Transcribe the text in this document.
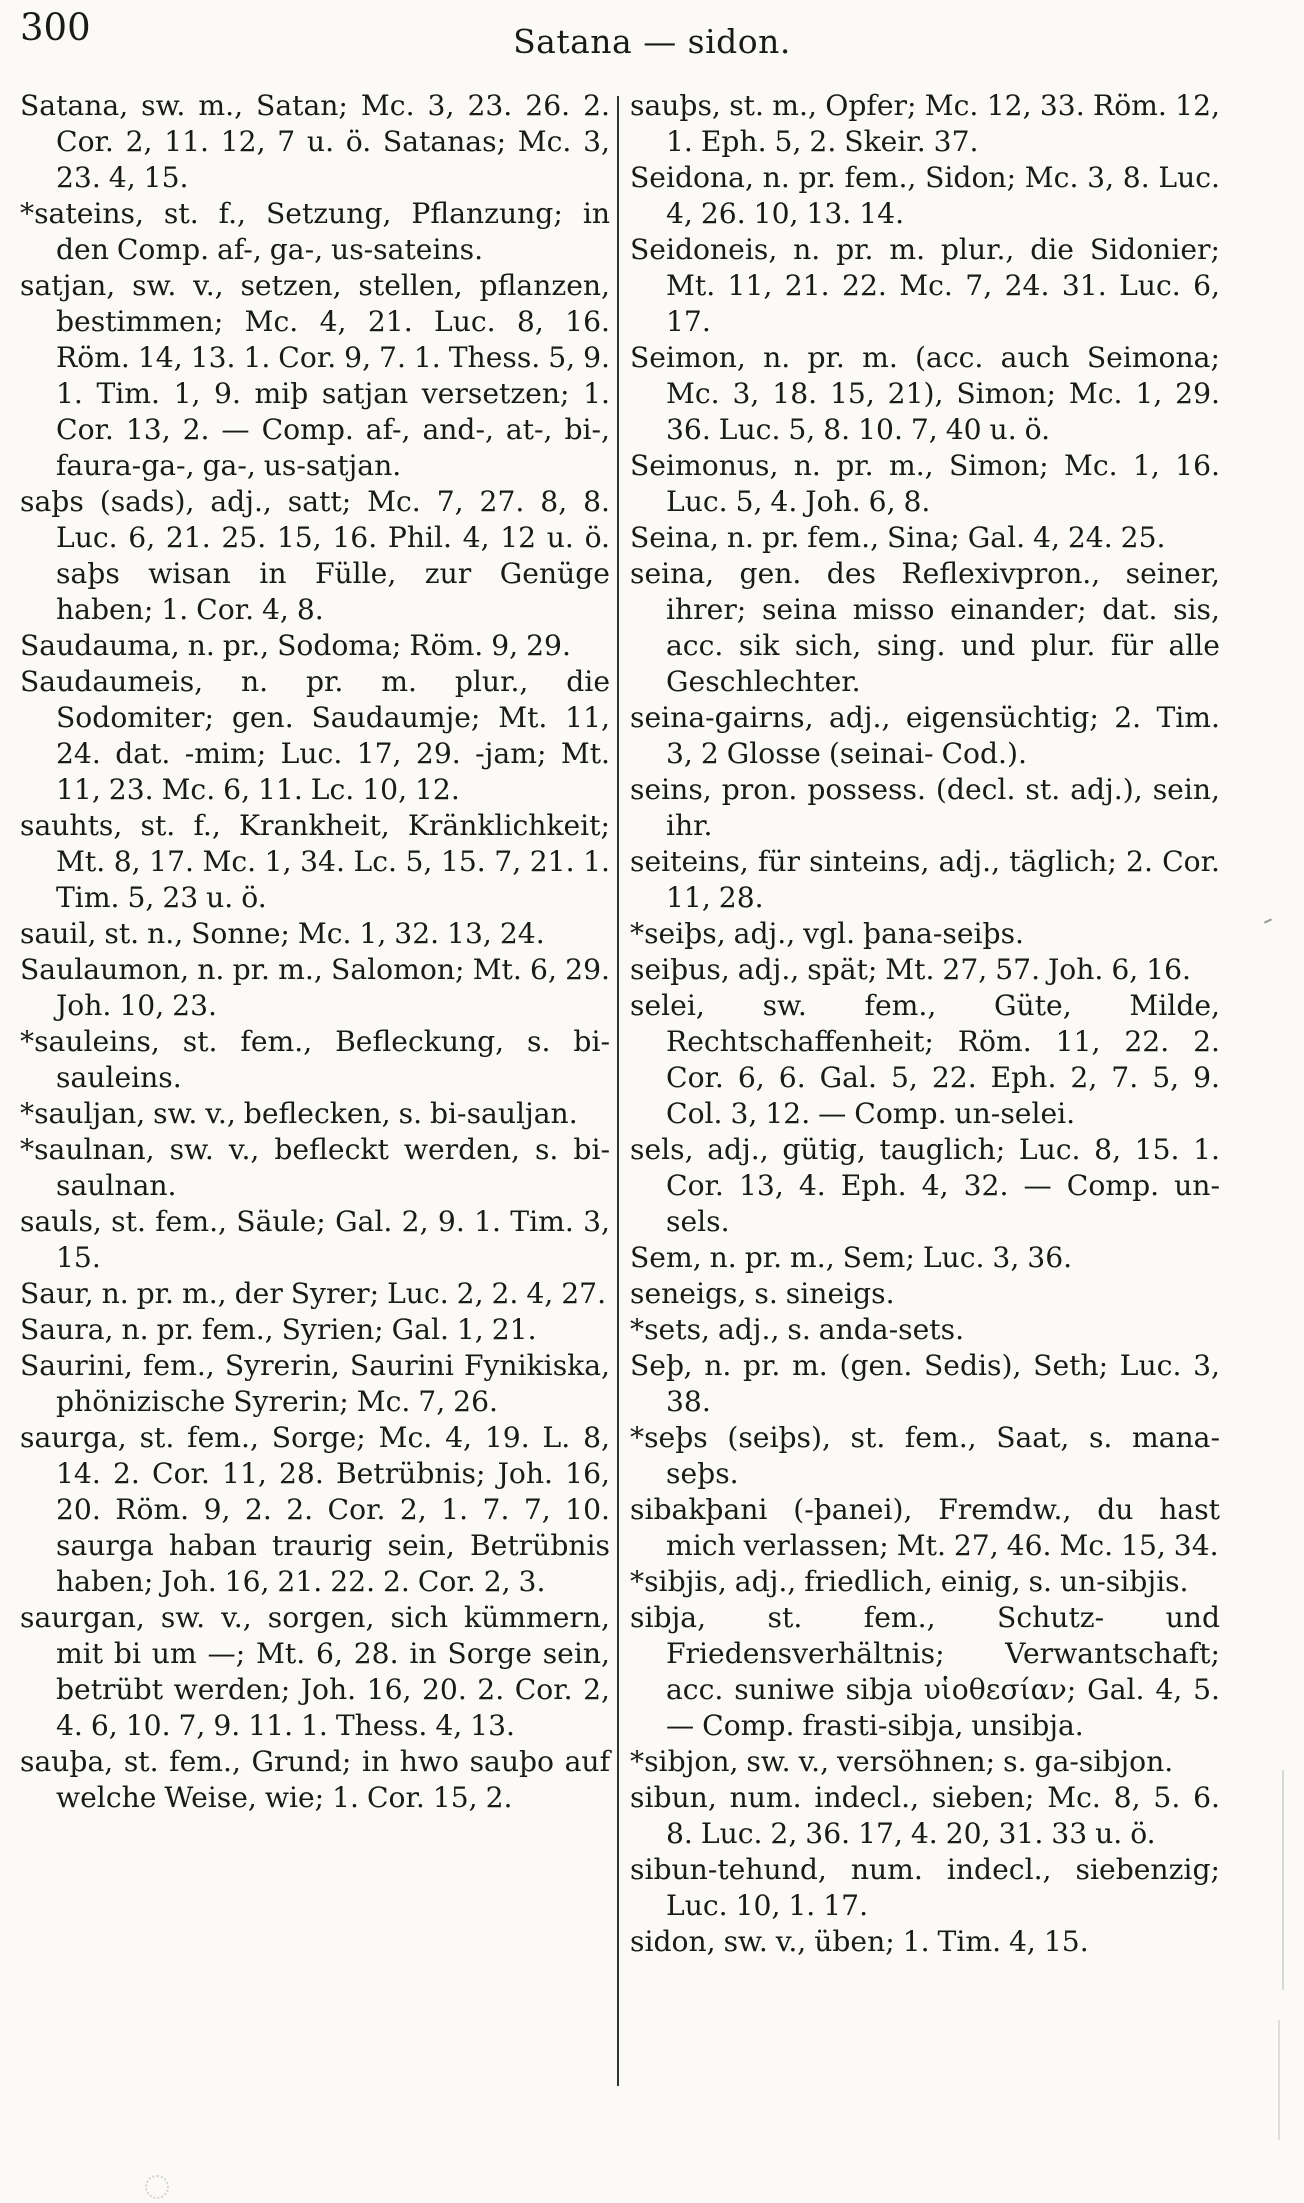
300	Satana — sidon.

Satana, sw. m., Satan; Mc. 3, 23. 26. 2. Cor. 2, 11. 12, 7 u. ö. Satanas; Mc. 3, 23. 4, 15.

*sateins, st. f., Setzung, Pflanzung; in den Comp. af-, ga-, us-sateins.

satjan, sw. v., setzen, stellen, pflanzen, bestimmen; Mc. 4, 21. Luc. 8, 16. Röm. 14, 13. 1. Cor. 9, 7. 1. Thess. 5, 9. 1. Tim. 1, 9. miþ satjan versetzen; 1. Cor. 13, 2. — Comp. af-, and-, at-, bi-, faura-ga-, ga-, us-satjan.

saþs (sads), adj., satt; Mc. 7, 27. 8, 8. Luc. 6, 21. 25. 15, 16. Phil. 4, 12 u. ö. saþs wisan in Fülle, zur Genüge haben; 1. Cor. 4, 8.

Saudauma, n. pr., Sodoma; Röm. 9, 29.

Saudaumeis, n. pr. m. plur., die Sodomiter; gen. Saudaumje; Mt. 11, 24. dat. -mim; Luc. 17, 29. -jam; Mt. 11, 23. Mc. 6, 11. Lc. 10, 12.

sauhts, st. f., Krankheit, Kränklichkeit; Mt. 8, 17. Mc. 1, 34. Lc. 5, 15. 7, 21. 1. Tim. 5, 23 u. ö.

sauil, st. n., Sonne; Mc. 1, 32. 13, 24.

Saulaumon, n. pr. m., Salomon; Mt. 6, 29. Joh. 10, 23.

*sauleins, st. fem., Befleckung, s. bi-sauleins.

*sauljan, sw. v., beflecken, s. bi-sauljan.

*saulnan, sw. v., befleckt werden, s. bi-saulnan.

sauls, st. fem., Säule; Gal. 2, 9. 1. Tim. 3, 15.

Saur, n. pr. m., der Syrer; Luc. 2, 2. 4, 27.

Saura, n. pr. fem., Syrien; Gal. 1, 21.

Saurini, fem., Syrerin, Saurini Fynikiska, phönizische Syrerin; Mc. 7, 26.

saurga, st. fem., Sorge; Mc. 4, 19. L. 8, 14. 2. Cor. 11, 28. Betrübnis; Joh. 16, 20. Röm. 9, 2. 2. Cor. 2, 1. 7. 7, 10. saurga haban traurig sein, Betrübnis haben; Joh. 16, 21. 22. 2. Cor. 2, 3.

saurgan, sw. v., sorgen, sich kümmern, mit bi um —; Mt. 6, 28. in Sorge sein, betrübt werden; Joh. 16, 20. 2. Cor. 2, 4. 6, 10. 7, 9. 11. 1. Thess. 4, 13.

sauþa, st. fem., Grund; in hwo sauþo auf welche Weise, wie; 1. Cor. 15, 2.

sauþs, st. m., Opfer; Mc. 12, 33. Röm. 12, 1. Eph. 5, 2. Skeir. 37.

Seidona, n. pr. fem., Sidon; Mc. 3, 8. Luc. 4, 26. 10, 13. 14.

Seidoneis, n. pr. m. plur., die Sidonier; Mt. 11, 21. 22. Mc. 7, 24. 31. Luc. 6, 17.

Seimon, n. pr. m. (acc. auch Seimona; Mc. 3, 18. 15, 21), Simon; Mc. 1, 29. 36. Luc. 5, 8. 10. 7, 40 u. ö.

Seimonus, n. pr. m., Simon; Mc. 1, 16. Luc. 5, 4. Joh. 6, 8.

Seina, n. pr. fem., Sina; Gal. 4, 24. 25.

seina, gen. des Reflexivpron., seiner, ihrer; seina misso einander; dat. sis, acc. sik sich, sing. und plur. für alle Geschlechter.

seina-gairns, adj., eigensüchtig; 2. Tim. 3, 2 Glosse (seinai- Cod.).

seins, pron. possess. (decl. st. adj.), sein, ihr.

seiteins, für sinteins, adj., täglich; 2. Cor. 11, 28.

*seiþs, adj., vgl. þana-seiþs.

seiþus, adj., spät; Mt. 27, 57. Joh. 6, 16.

selei, sw. fem., Güte, Milde, Rechtschaffenheit; Röm. 11, 22. 2. Cor. 6, 6. Gal. 5, 22. Eph. 2, 7. 5, 9. Col. 3, 12. — Comp. un-selei.

sels, adj., gütig, tauglich; Luc. 8, 15. 1. Cor. 13, 4. Eph. 4, 32. — Comp. un-sels.

Sem, n. pr. m., Sem; Luc. 3, 36.

seneigs, s. sineigs.

*sets, adj., s. anda-sets.

Seþ, n. pr. m. (gen. Sedis), Seth; Luc. 3, 38.

*seþs (seiþs), st. fem., Saat, s. mana-seþs.

sibakþani (-þanei), Fremdw., du hast mich verlassen; Mt. 27, 46. Mc. 15, 34.

*sibjis, adj., friedlich, einig, s. un-sibjis.

sibja, st. fem., Schutz- und Friedensverhältnis; Verwantschaft; acc. suniwe sibja υἱοθεσίαν; Gal. 4, 5. — Comp. frasti-sibja, unsibja.

*sibjon, sw. v., versöhnen; s. ga-sibjon.

sibun, num. indecl., sieben; Mc. 8, 5. 6. 8. Luc. 2, 36. 17, 4. 20, 31. 33 u. ö.

sibun-tehund, num. indecl., siebenzig; Luc. 10, 1. 17.

sidon, sw. v., üben; 1. Tim. 4, 15.
